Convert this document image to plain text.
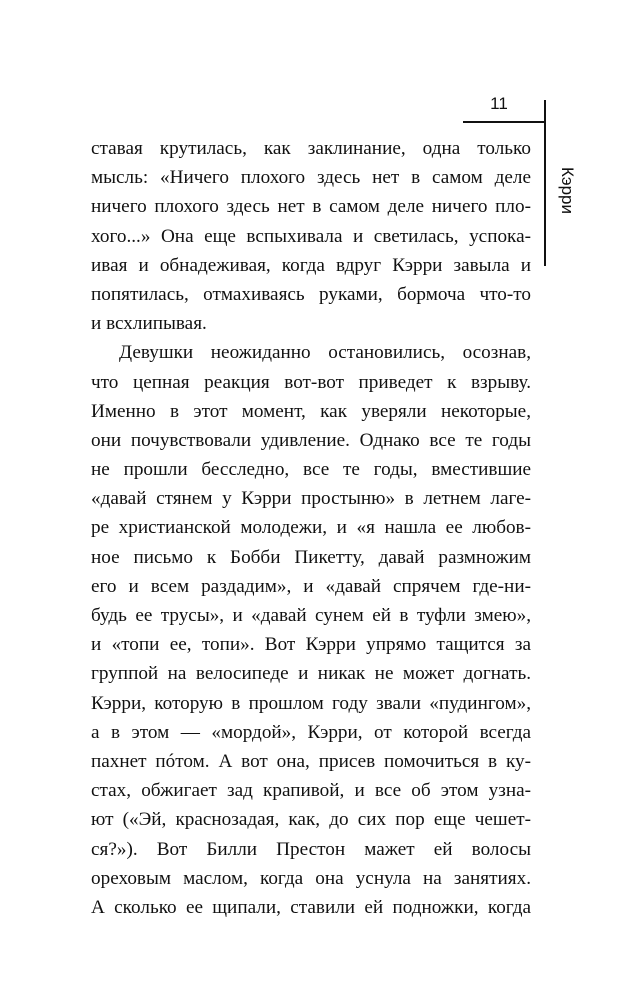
11
Кэрри
ставая крутилась, как заклинание, одна только
мысль: «Ничего плохого здесь нет в самом деле
ничего плохого здесь нет в самом деле ничего пло-
хого...» Она еще вспыхивала и светилась, успока-
ивая и обнадеживая, когда вдруг Кэрри завыла и
попятилась, отмахиваясь руками, бормоча что-то
и всхлипывая.
Девушки неожиданно остановились, осознав,
что цепная реакция вот-вот приведет к взрыву.
Именно в этот момент, как уверяли некоторые,
они почувствовали удивление. Однако все те годы
не прошли бесследно, все те годы, вместившие
«давай стянем у Кэрри простыню» в летнем лаге-
ре христианской молодежи, и «я нашла ее любов-
ное письмо к Бобби Пикетту, давай размножим
его и всем раздадим», и «давай спрячем где-ни-
будь ее трусы», и «давай сунем ей в туфли змею»,
и «топи ее, топи». Вот Кэрри упрямо тащится за
группой на велосипеде и никак не может догнать.
Кэрри, которую в прошлом году звали «пудингом»,
а в этом — «мордой», Кэрри, от которой всегда
пахнет пóтом. А вот она, присев помочиться в ку-
стах, обжигает зад крапивой, и все об этом узна-
ют («Эй, краснозадая, как, до сих пор еще чешет-
ся?»). Вот Билли Престон мажет ей волосы
ореховым маслом, когда она уснула на занятиях.
А сколько ее щипали, ставили ей подножки, когда
